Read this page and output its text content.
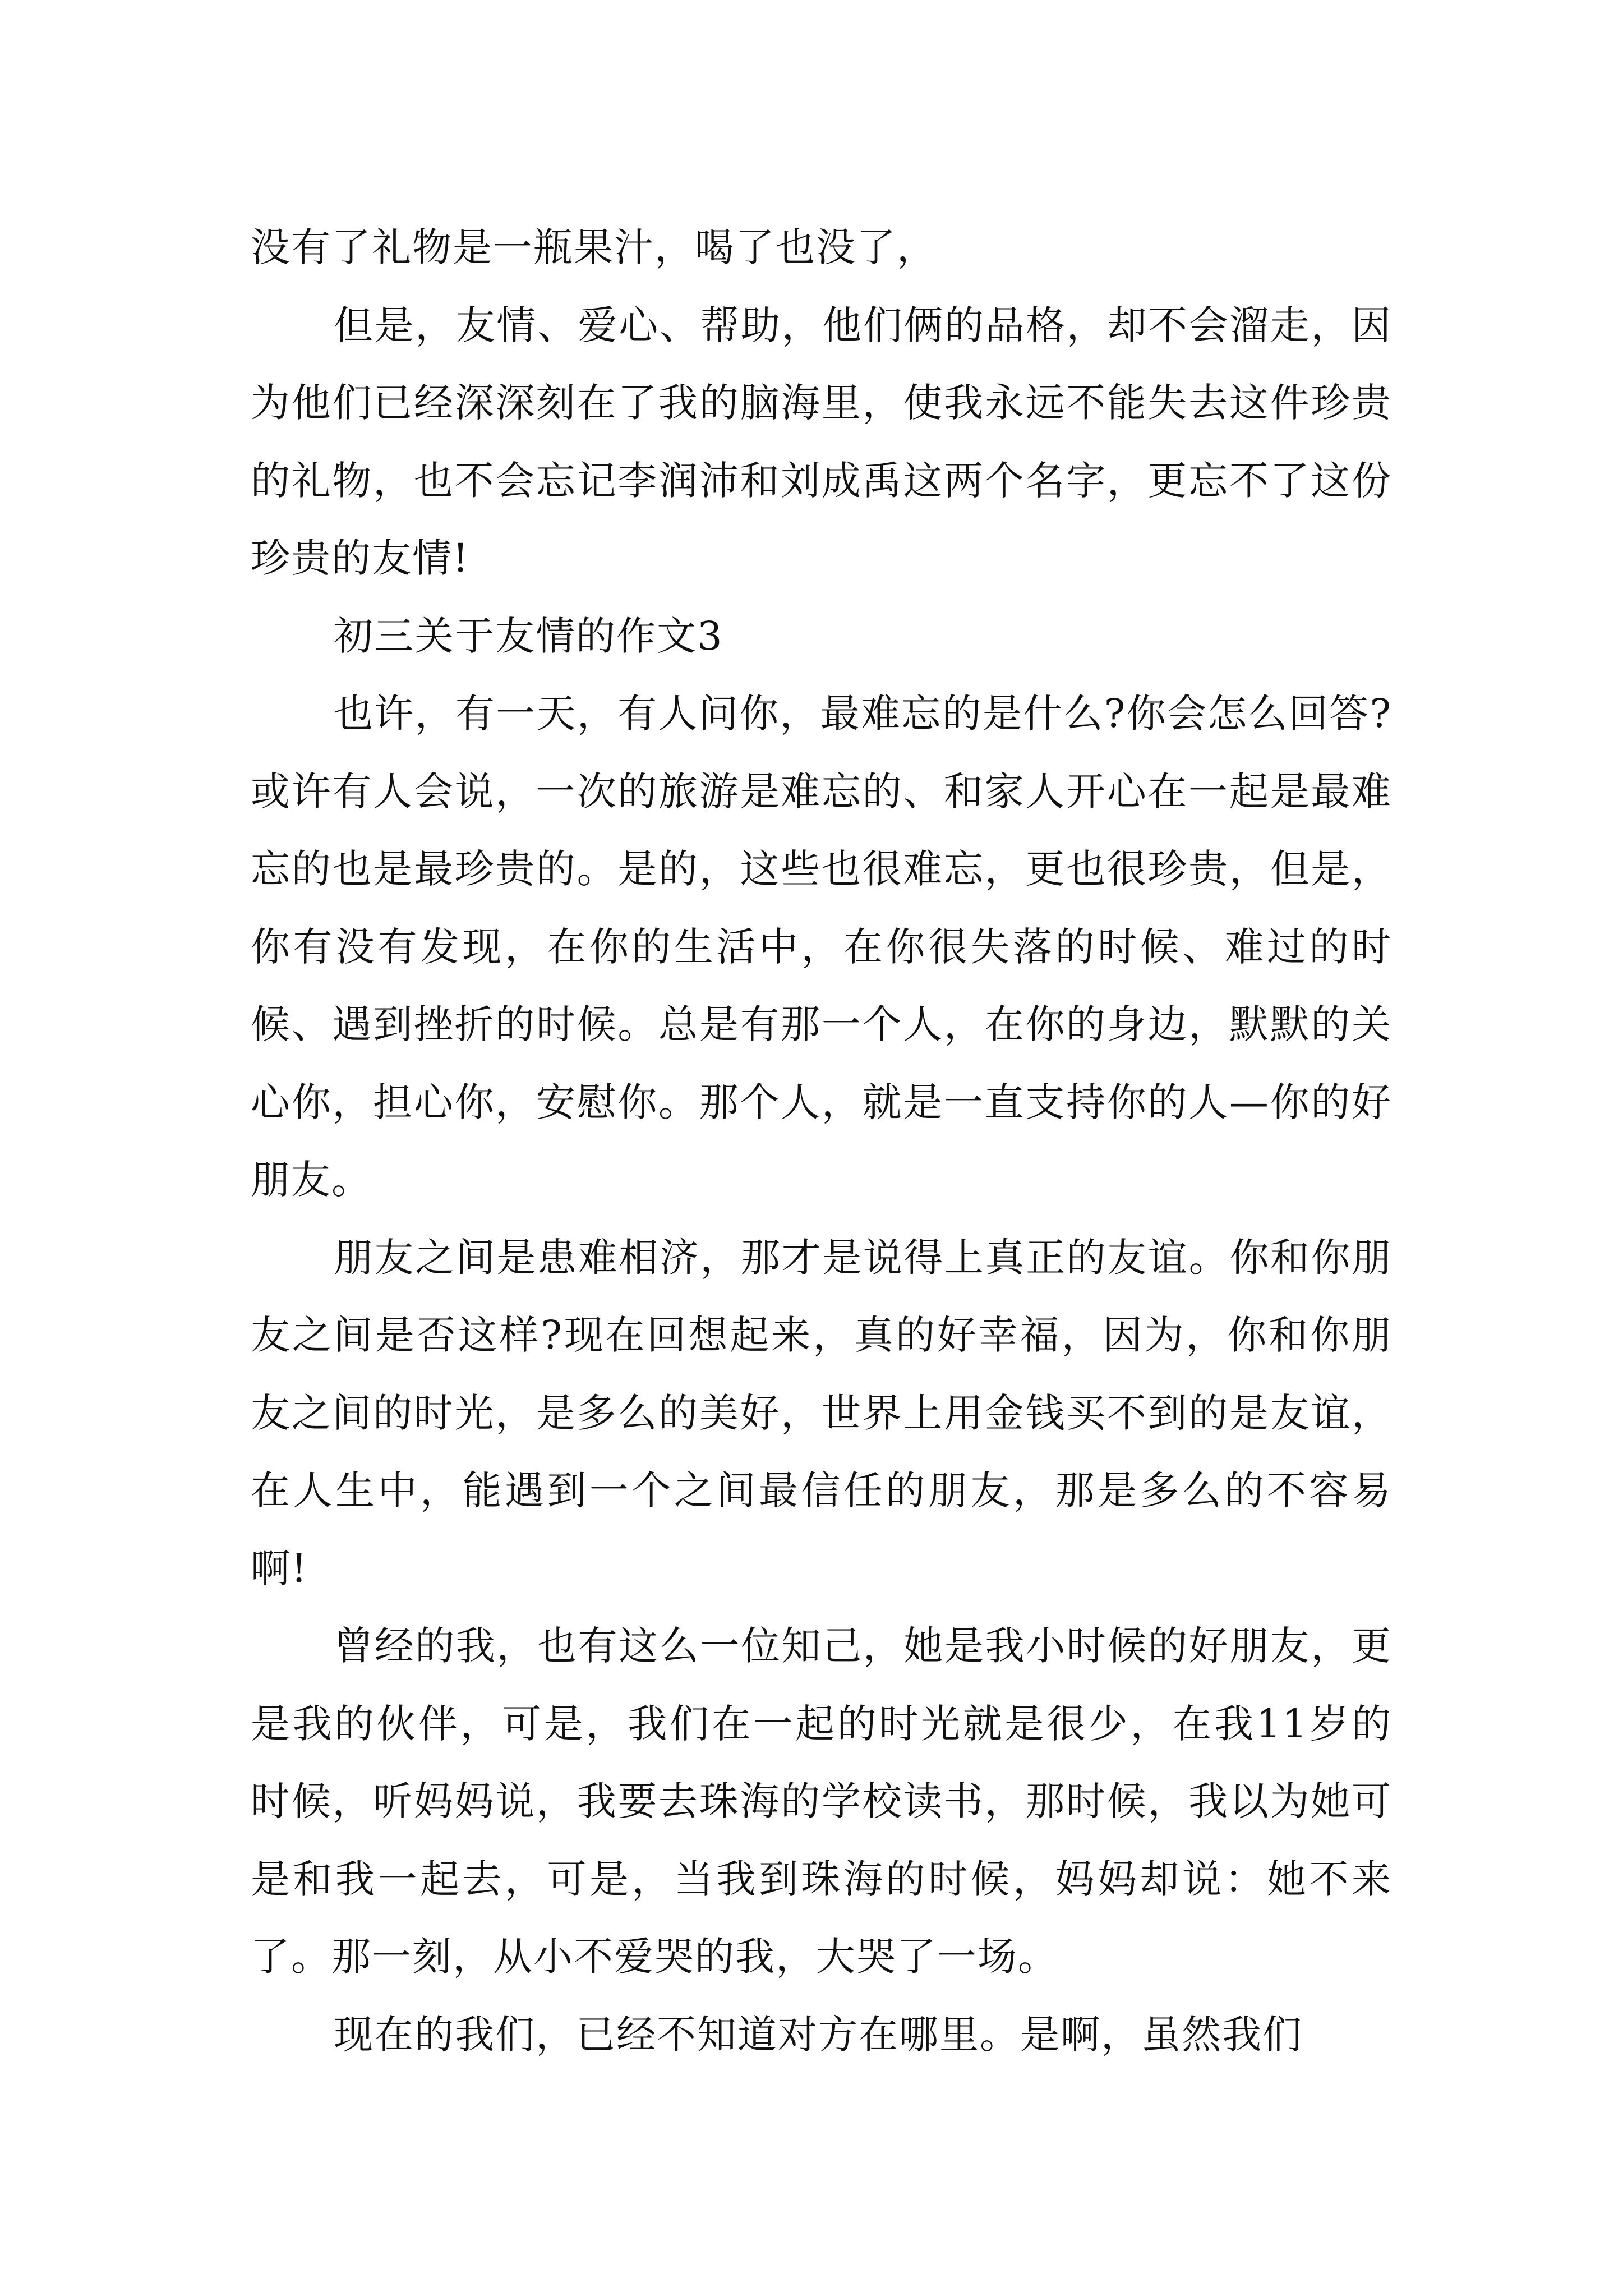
没有了礼物是一瓶果汁，喝了也没了，

但是，友情、爱心、帮助，他们俩的品格，却不会溜走，因为他们已经深深刻在了我的脑海里，使我永远不能失去这件珍贵的礼物，也不会忘记李润沛和刘成禹这两个名字，更忘不了这份珍贵的友情!

初三关于友情的作文3

也许，有一天，有人问你，最难忘的是什么?你会怎么回答?或许有人会说，一次的旅游是难忘的、和家人开心在一起是最难忘的也是最珍贵的。是的，这些也很难忘，更也很珍贵，但是，你有没有发现，在你的生活中，在你很失落的时候、难过的时候、遇到挫折的时候。总是有那一个人，在你的身边，默默的关心你，担心你，安慰你。那个人，就是一直支持你的人—你的好朋友。

朋友之间是患难相济，那才是说得上真正的友谊。你和你朋友之间是否这样?现在回想起来，真的好幸福，因为，你和你朋友之间的时光，是多么的美好，世界上用金钱买不到的是友谊，在人生中，能遇到一个之间最信任的朋友，那是多么的不容易啊!

曾经的我，也有这么一位知己，她是我小时候的好朋友，更是我的伙伴，可是，我们在一起的时光就是很少，在我11岁的时候，听妈妈说，我要去珠海的学校读书，那时候，我以为她可是和我一起去，可是，当我到珠海的时候，妈妈却说：她不来了。那一刻，从小不爱哭的我，大哭了一场。

现在的我们，已经不知道对方在哪里。是啊，虽然我们
